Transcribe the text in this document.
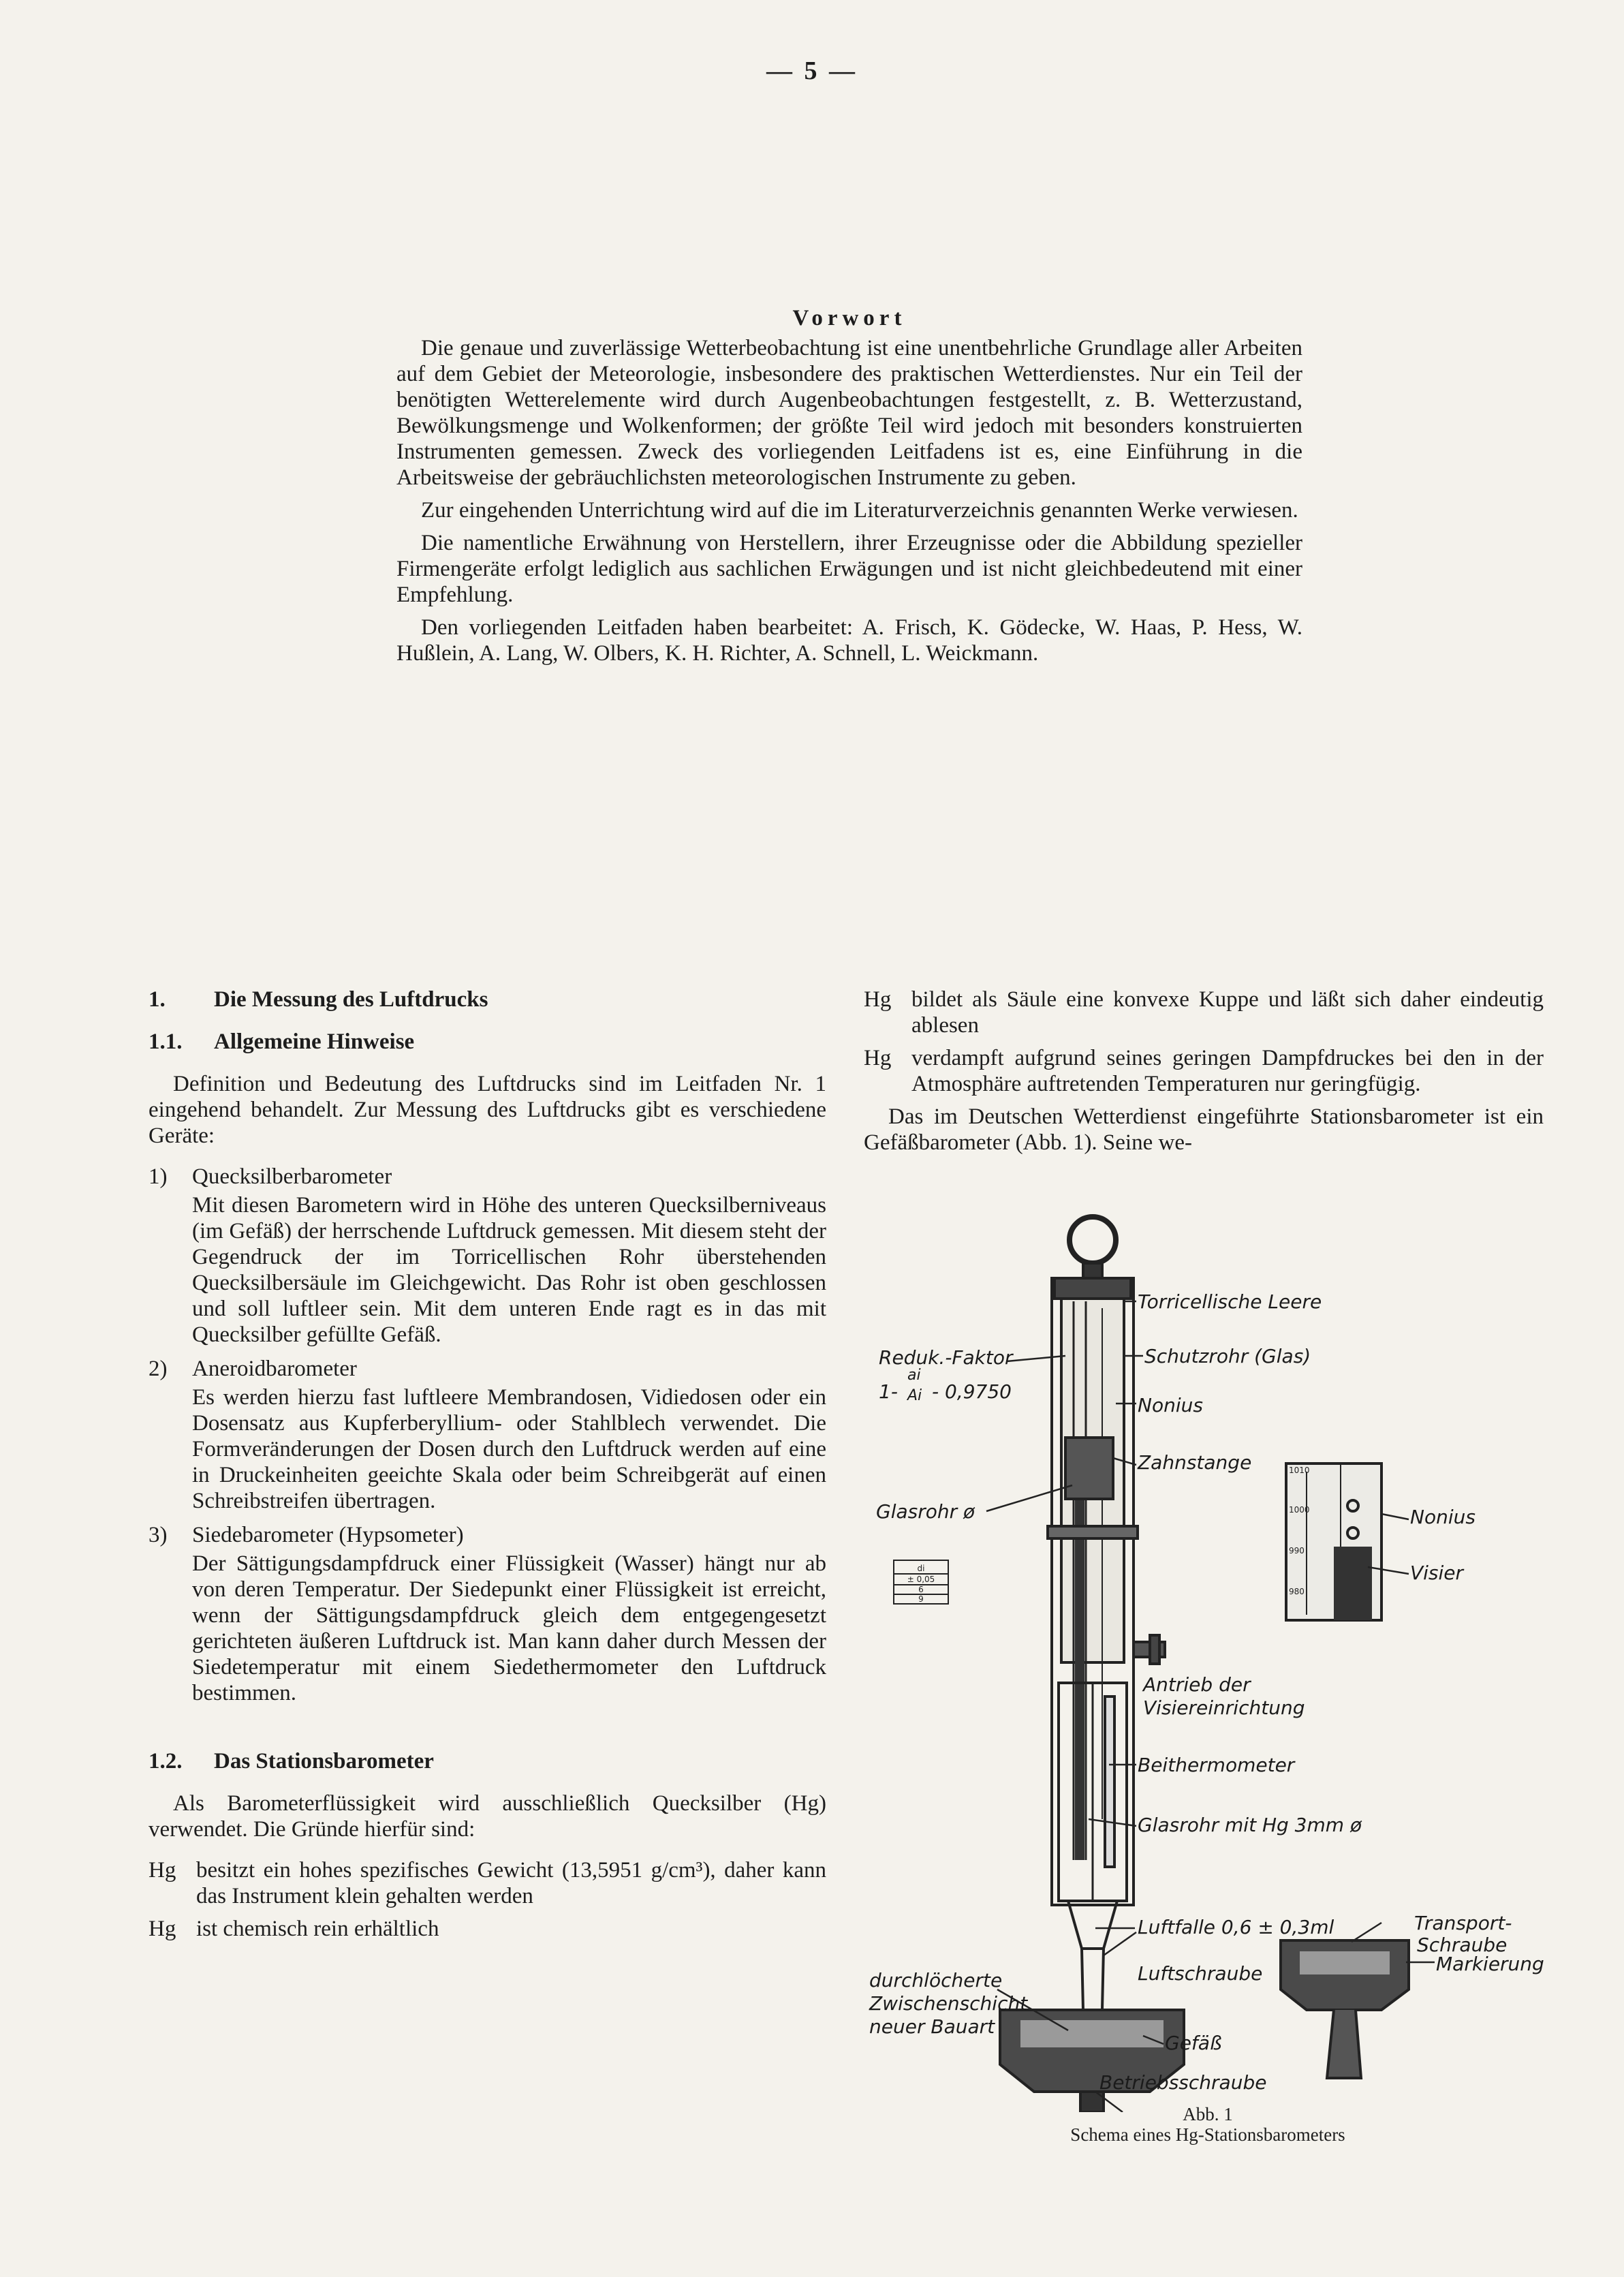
— 5 —
Vorwort

Die genaue und zuverlässige Wetterbeobachtung ist eine unentbehrliche Grundlage aller Arbeiten auf dem Gebiet der Meteorologie, insbesondere des praktischen Wetterdienstes. Nur ein Teil der benötigten Wetterelemente wird durch Augenbeobachtungen festgestellt, z. B. Wetterzustand, Bewölkungsmenge und Wolkenformen; der größte Teil wird jedoch mit besonders konstruierten Instrumenten gemessen. Zweck des vorliegenden Leitfadens ist es, eine Einführung in die Arbeitsweise der gebräuchlichsten meteorologischen Instrumente zu geben.

Zur eingehenden Unterrichtung wird auf die im Literaturverzeichnis genannten Werke verwiesen.

Die namentliche Erwähnung von Herstellern, ihrer Erzeugnisse oder die Abbildung spezieller Firmengeräte erfolgt lediglich aus sachlichen Erwägungen und ist nicht gleichbedeutend mit einer Empfehlung.

Den vorliegenden Leitfaden haben bearbeitet: A. Frisch, K. Gödecke, W. Haas, P. Hess, W. Hußlein, A. Lang, W. Olbers, K. H. Richter, A. Schnell, L. Weickmann.

1.	Die Messung des Luftdrucks
1.1.	Allgemeine Hinweise

Definition und Bedeutung des Luftdrucks sind im Leitfaden Nr. 1 eingehend behandelt. Zur Messung des Luftdrucks gibt es verschiedene Geräte:

1)	Quecksilberbarometer
Mit diesen Barometern wird in Höhe des unteren Quecksilberniveaus (im Gefäß) der herrschende Luftdruck gemessen. Mit diesem steht der Gegendruck der im Torricellischen Rohr überstehenden Quecksilbersäule im Gleichgewicht. Das Rohr ist oben geschlossen und soll luftleer sein. Mit dem unteren Ende ragt es in das mit Quecksilber gefüllte Gefäß.
2)	Aneroidbarometer
Es werden hierzu fast luftleere Membrandosen, Vidiedosen oder ein Dosensatz aus Kupferberyllium- oder Stahlblech verwendet. Die Formveränderungen der Dosen durch den Luftdruck werden auf eine in Druckeinheiten geeichte Skala oder beim Schreibgerät auf einen Schreibstreifen übertragen.
3)	Siedebarometer (Hypsometer)
Der Sättigungsdampfdruck einer Flüssigkeit (Wasser) hängt nur ab von deren Temperatur. Der Siedepunkt einer Flüssigkeit ist erreicht, wenn der Sättigungsdampfdruck gleich dem entgegengesetzt gerichteten äußeren Luftdruck ist. Man kann daher durch Messen der Siedetemperatur mit einem Siedethermometer den Luftdruck bestimmen.
1.2.	Das Stationsbarometer

Als Barometerflüssigkeit wird ausschließlich Quecksilber (Hg) verwendet. Die Gründe hierfür sind:

Hg besitzt ein hohes spezifisches Gewicht (13,5951 g/cm³), daher kann das Instrument klein gehalten werden
Hg ist chemisch rein erhältlich
Hg bildet als Säule eine konvexe Kuppe und läßt sich daher eindeutig ablesen
Hg verdampft aufgrund seines geringen Dampfdruckes bei den in der Atmosphäre auftretenden Temperaturen nur geringfügig.

Das im Deutschen Wetterdienst eingeführte Stationsbarometer ist ein Gefäßbarometer (Abb. 1). Seine we-

1010
1000
990
980
di
± 0,05
6
9
Torricellische Leere
Schutzrohr (Glas)
Reduk.-Faktor
1-
ai
Ai - 0,9750
Nonius
Zahnstange
Glasrohr ø	Nonius
Visier
Antrieb der
Visiereinrichtung
Beithermometer
Glasrohr mit Hg 3mm ø
Luftfalle 0,6 ± 0,3ml	Transport-
Schraube
durchlöcherte
Zwischenschicht
neuer Bauart
Luftschraube	Markierung
Gefäß
Betriebsschraube
Abb. 1
Schema eines Hg-Stationsbarometers
